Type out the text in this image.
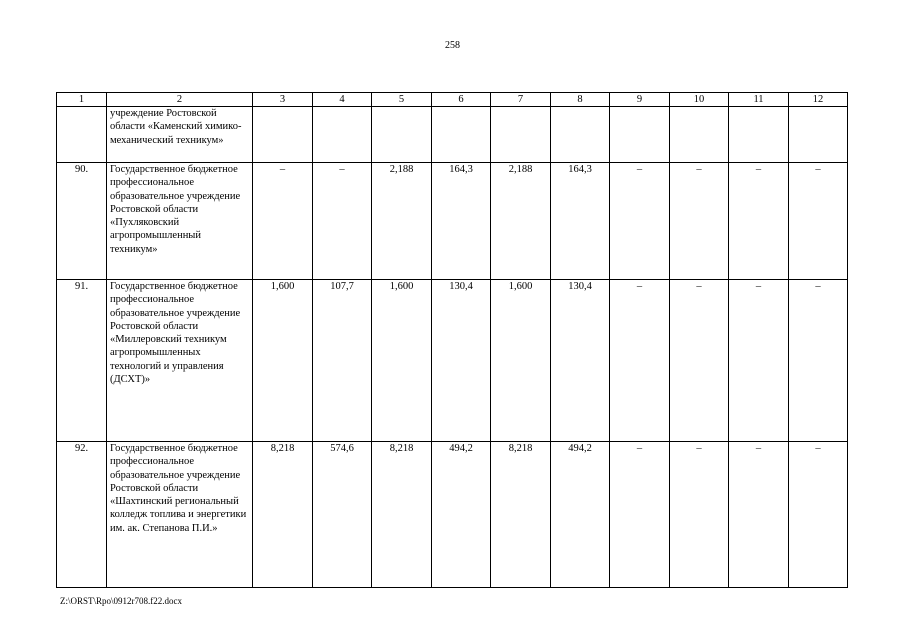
258
1	2	3	4	5	6	7	8	9	10	11	12
	учреждение Ростовской области «Каменский химико-механический техникум»										
90.	Государственное бюджетное профессиональное образовательное учреждение Ростовской области «Пухляковский агропромышленный техникум»	–	–	2,188	164,3	2,188	164,3	–	–	–	–
91.	Государственное бюджетное профессиональное образовательное учреждение Ростовской области «Миллеровский техникум агропромышленных технологий и управления (ДСХТ)»	1,600	107,7	1,600	130,4	1,600	130,4	–	–	–	–
92.	Государственное бюджетное профессиональное образовательное учреждение Ростовской области «Шахтинский региональный колледж топлива и энергетики им. ак. Степанова П.И.»	8,218	574,6	8,218	494,2	8,218	494,2	–	–	–	–
Z:\ORST\Rpo\0912r708.f22.docx
